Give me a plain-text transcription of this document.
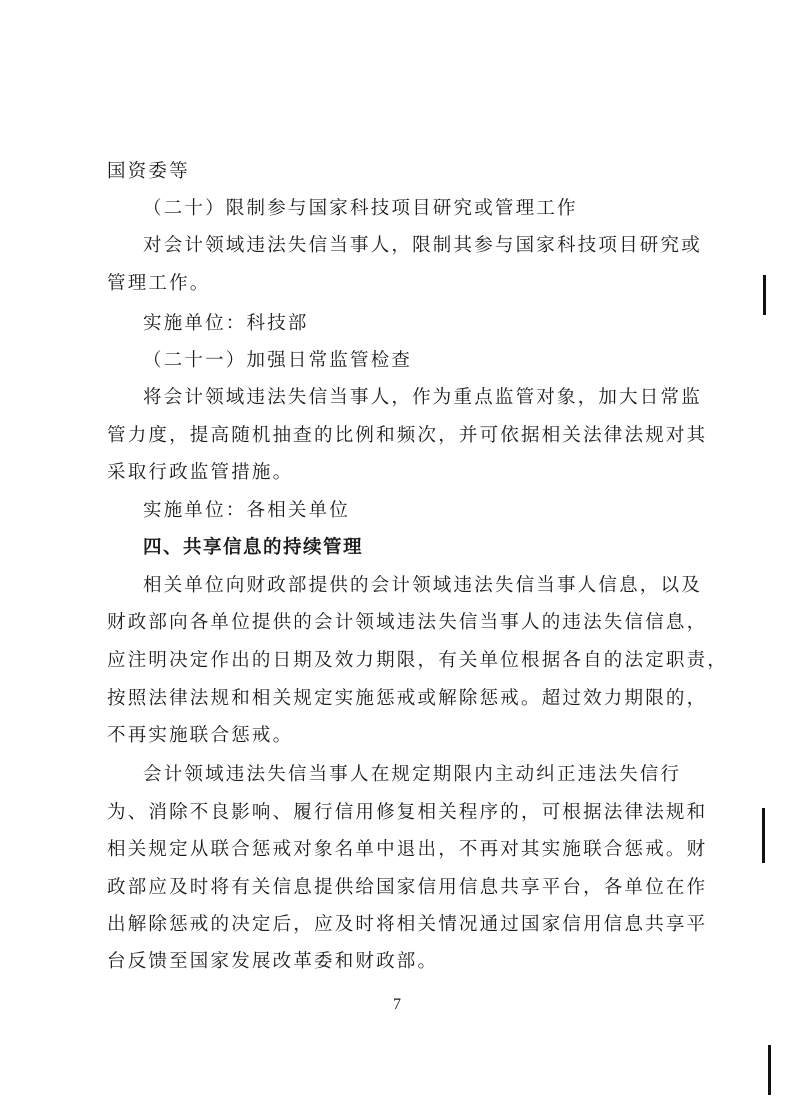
国资委等
（二十）限制参与国家科技项目研究或管理工作
对会计领域违法失信当事人，限制其参与国家科技项目研究或
管理工作。
实施单位：科技部
（二十一）加强日常监管检查
将会计领域违法失信当事人，作为重点监管对象，加大日常监
管力度，提高随机抽查的比例和频次，并可依据相关法律法规对其
采取行政监管措施。
实施单位：各相关单位
四、共享信息的持续管理
相关单位向财政部提供的会计领域违法失信当事人信息，以及
财政部向各单位提供的会计领域违法失信当事人的违法失信信息，
应注明决定作出的日期及效力期限，有关单位根据各自的法定职责，
按照法律法规和相关规定实施惩戒或解除惩戒。超过效力期限的，
不再实施联合惩戒。
会计领域违法失信当事人在规定期限内主动纠正违法失信行
为、消除不良影响、履行信用修复相关程序的，可根据法律法规和
相关规定从联合惩戒对象名单中退出，不再对其实施联合惩戒。财
政部应及时将有关信息提供给国家信用信息共享平台，各单位在作
出解除惩戒的决定后，应及时将相关情况通过国家信用信息共享平
台反馈至国家发展改革委和财政部。
7
